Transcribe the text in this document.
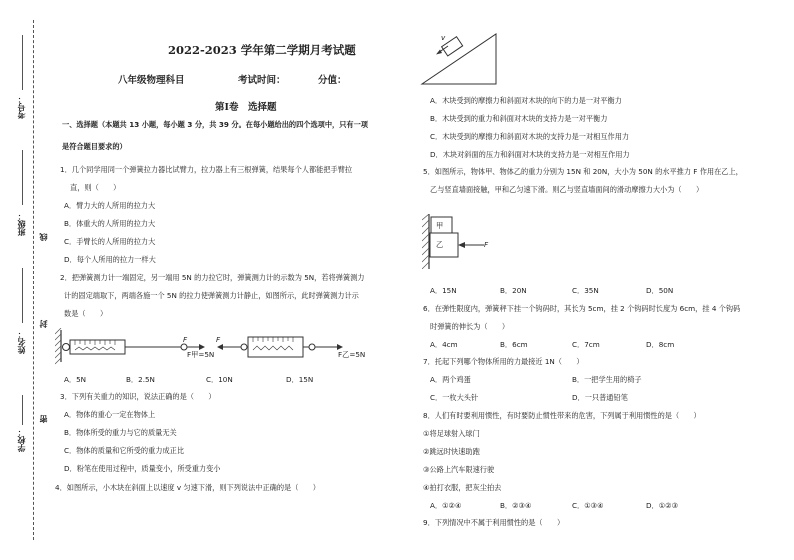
考号：
班级：
姓名：
学校：
线
封
密
2022-2023 学年第二学期月考试题
八年级物理科目	考试时间：	分值：
第I卷　选择题
一、选择题（本题共 13 小题，每小题 3 分，共 39 分。在每小题给出的四个选项中，只有一项
是符合题目要求的）
1．几个同学用同一个弹簧拉力器比试臂力，拉力器上有三根弹簧，结果每个人都能把手臂拉
直，则（　　）
A．臂力大的人所用的拉力大
B．体重大的人所用的拉力大
C．手臂长的人所用的拉力大
D．每个人所用的拉力一样大
2．把弹簧测力计一端固定，另一端用 5N 的力拉它时，弹簧测力计的示数为 5N，若将弹簧测力
计的固定端取下，两端各施一个 5N 的拉力使弹簧测力计静止，如图所示，此时弹簧测力计示
数是（　　）
F	F
F甲=5N	F乙=5N
A．5N	B．2.5N	C．10N	D．15N
3．下列有关重力的知识，说法正确的是（　　）
A．物体的重心一定在物体上
B．物体所受的重力与它的质量无关
C．物体的质量和它所受的重力成正比
D．粉笔在使用过程中，质量变小，所受重力变小
4．如图所示，小木块在斜面上以速度 v 匀速下滑，则下列说法中正确的是（　　）
v
A．木块受到的摩擦力和斜面对木块的向下的力是一对平衡力
B．木块受到的重力和斜面对木块的支持力是一对平衡力
C．木块受到的摩擦力和斜面对木块的支持力是一对相互作用力
D．木块对斜面的压力和斜面对木块的支持力是一对相互作用力
5．如图所示，物体甲、物体乙的重力分别为 15N 和 20N，大小为 50N 的水平推力 F 作用在乙上，
乙与竖直墙面接触，甲和乙匀速下滑。则乙与竖直墙面间的滑动摩擦力大小为（　　）
甲
乙	F
A．15N	B．20N	C．35N	D．50N
6．在弹性限度内，弹簧秤下挂一个钩码时，其长为 5cm，挂 2 个钩码时长度为 6cm，挂 4 个钩码
时弹簧的伸长为（　　）
A．4cm	B．6cm	C．7cm	D．8cm
7．托起下列哪个物体所用的力最接近 1N（　　）
A．两个鸡蛋	B．一把学生用的椅子
C．一枚大头针	D．一只普通铅笔
8．人们有时要利用惯性，有时要防止惯性带来的危害，下列属于利用惯性的是（　　）
①将足球射入球门
②跳远时快速助跑
③公路上汽车限速行驶
④拍打衣服，把灰尘拍去
A．①②④	B．②③④	C．①③④	D．①②③
9．下列情况中不属于利用惯性的是（　　）
